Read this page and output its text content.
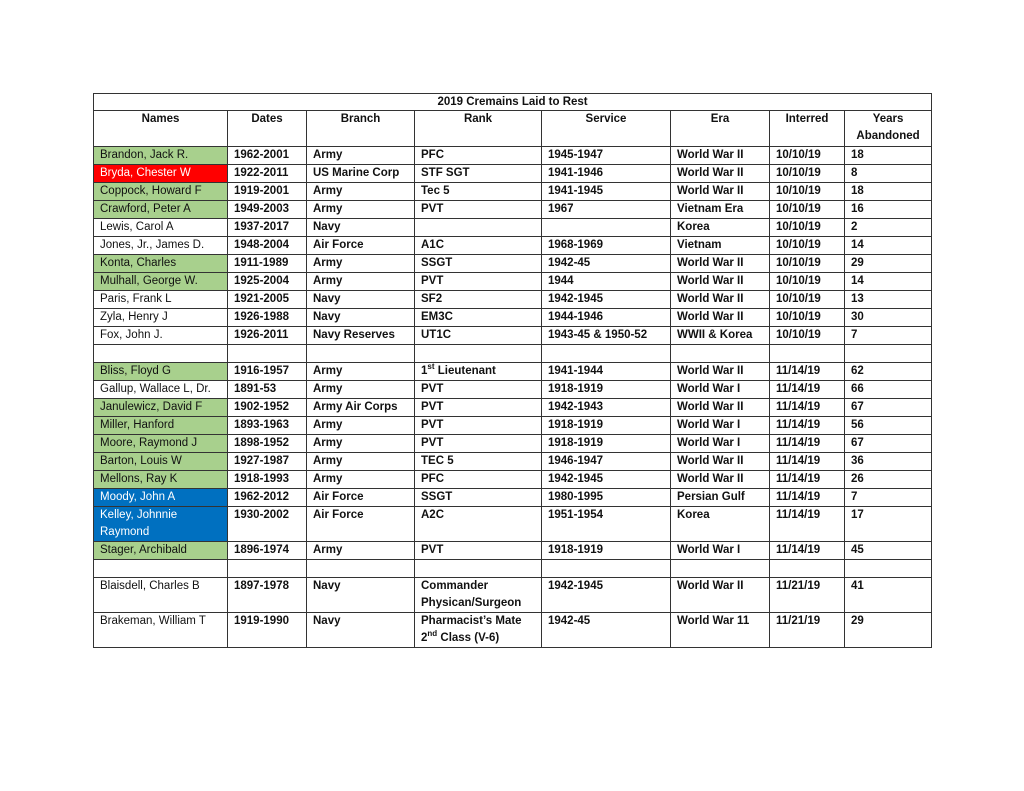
2019 Cremains Laid to Rest							
Names	Dates	Branch	Rank	Service	Era	Interred	Years Abandoned
Brandon, Jack R.	1962-2001	Army	PFC	1945-1947	World War II	10/10/19	18
Bryda, Chester W	1922-2011	US Marine Corp	STF SGT	1941-1946	World War II	10/10/19	8
Coppock, Howard F	1919-2001	Army	Tec 5	1941-1945	World War II	10/10/19	18
Crawford, Peter A	1949-2003	Army	PVT	1967	Vietnam Era	10/10/19	16
Lewis, Carol A	1937-2017	Navy			Korea	10/10/19	2
Jones, Jr., James D.	1948-2004	Air Force	A1C	1968-1969	Vietnam	10/10/19	14
Konta, Charles	1911-1989	Army	SSGT	1942-45	World War II	10/10/19	29
Mulhall, George W.	1925-2004	Army	PVT	1944	World War II	10/10/19	14
Paris, Frank L	1921-2005	Navy	SF2	1942-1945	World War II	10/10/19	13
Zyla, Henry J	1926-1988	Navy	EM3C	1944-1946	World War II	10/10/19	30
Fox, John J.	1926-2011	Navy Reserves	UT1C	1943-45 & 1950-52	WWII & Korea	10/10/19	7

Bliss, Floyd G	1916-1957	Army	1st Lieutenant	1941-1944	World War II	11/14/19	62
Gallup, Wallace L, Dr.	1891-53	Army	PVT	1918-1919	World War I	11/14/19	66
Janulewicz, David F	1902-1952	Army Air Corps	PVT	1942-1943	World War II	11/14/19	67
Miller, Hanford	1893-1963	Army	PVT	1918-1919	World War I	11/14/19	56
Moore, Raymond J	1898-1952	Army	PVT	1918-1919	World War I	11/14/19	67
Barton, Louis W	1927-1987	Army	TEC 5	1946-1947	World War II	11/14/19	36
Mellons, Ray K	1918-1993	Army	PFC	1942-1945	World War II	11/14/19	26
Moody, John A	1962-2012	Air Force	SSGT	1980-1995	Persian Gulf	11/14/19	7
Kelley, Johnnie Raymond	1930-2002	Air Force	A2C	1951-1954	Korea	11/14/19	17
Stager, Archibald	1896-1974	Army	PVT	1918-1919	World War I	11/14/19	45

Blaisdell, Charles B	1897-1978	Navy	Commander Physican/Surgeon	1942-1945	World War II	11/21/19	41
Brakeman, William T	1919-1990	Navy	Pharmacist’s Mate 2nd Class (V-6)	1942-45	World War 11	11/21/19	29
